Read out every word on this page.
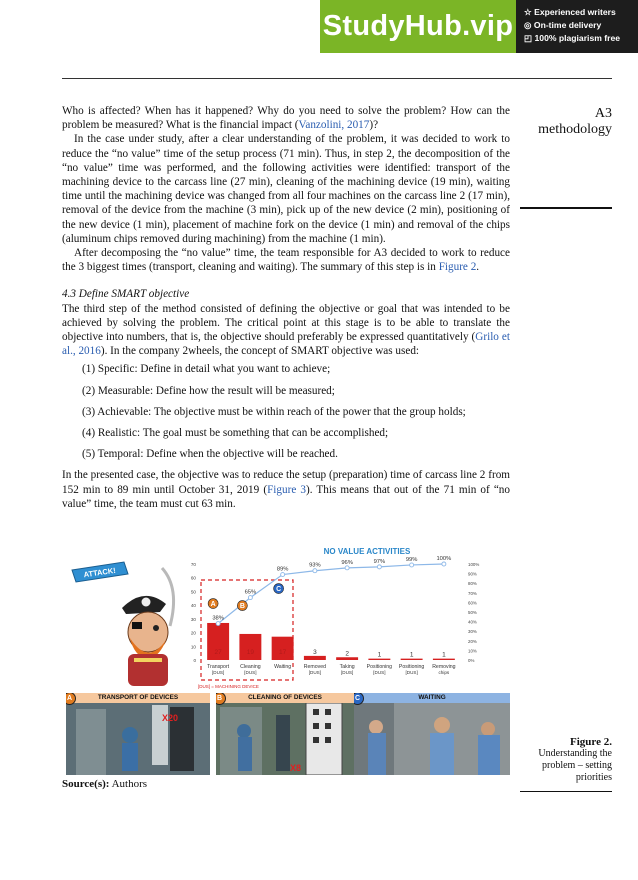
StudyHub.vip	☆ Experienced writers
◎ On-time delivery
◰ 100% plagiarism free
A3
methodology

Who is affected? When has it happened? Why do you need to solve the problem? How can the problem be measured? What is the financial impact (Vanzolini, 2017)?

In the case under study, after a clear understanding of the problem, it was decided to work to reduce the “no value” time of the setup process (71 min). Thus, in step 2, the decomposition of the “no value” time was performed, and the following activities were identified: transport of the machining device to the carcass line (27 min), cleaning of the machining device (19 min), waiting time until the machining device was changed from all four machines on the carcass line 2 (17 min), removal of the device from the machine (3 min), pick up of the new device (2 min), positioning of the new device (1 min), placement of machine fork on the device (1 min) and removal of the chips (aluminum chips removed during machining) from the machine (1 min).

After decomposing the “no value” time, the team responsible for A3 decided to work to reduce the 3 biggest times (transport, cleaning and waiting). The summary of this step is in Figure 2.

4.3 Define SMART objective

The third step of the method consisted of defining the objective or goal that was intended to be achieved by solving the problem. The critical point at this stage is to be able to translate the objective into numbers, that is, the objective should preferably be expressed quantitatively (Grilo et al., 2016). In the company 2wheels, the concept of SMART objective was used:

(1) Specific: Define in detail what you want to achieve;
(2) Measurable: Define how the result will be measured;
(3) Achievable: The objective must be within reach of the power that the group holds;
(4) Realistic: The goal must be something that can be accomplished;
(5) Temporal: Define when the objective will be reached.

In the presented case, the objective was to reduce the setup (preparation) time of carcass line 2 from 152 min to 89 min until October 31, 2019 (Figure 3). This means that out of the 71 min of “no value” time, the team must cut 63 min.

ATTACK!
NO VALUE ACTIVITIES
0
10
20
30
40
50
60
70
0%
10%
20%
30%
40%
50%
60%
70%
80%
90%
100%
27	19	17	3	2	1	1	1
38%
65%
89%
93%	96%	97%	99%	100%
Transport
[DUS]
Cleaning
[DUS]
Waiting Removed
[DUS]
Taking
[DUS]
Positioning
[DUS]
Positioning
[DUS]
Removing
chips
A	B
C
[DUS] = MACHINING DEVICE
A	TRANSPORT OF DEVICES
X20
B	CLEANING OF DEVICES
X8
C	WAITING
Source(s): Authors
Figure 2.
Understanding the problem – setting priorities
